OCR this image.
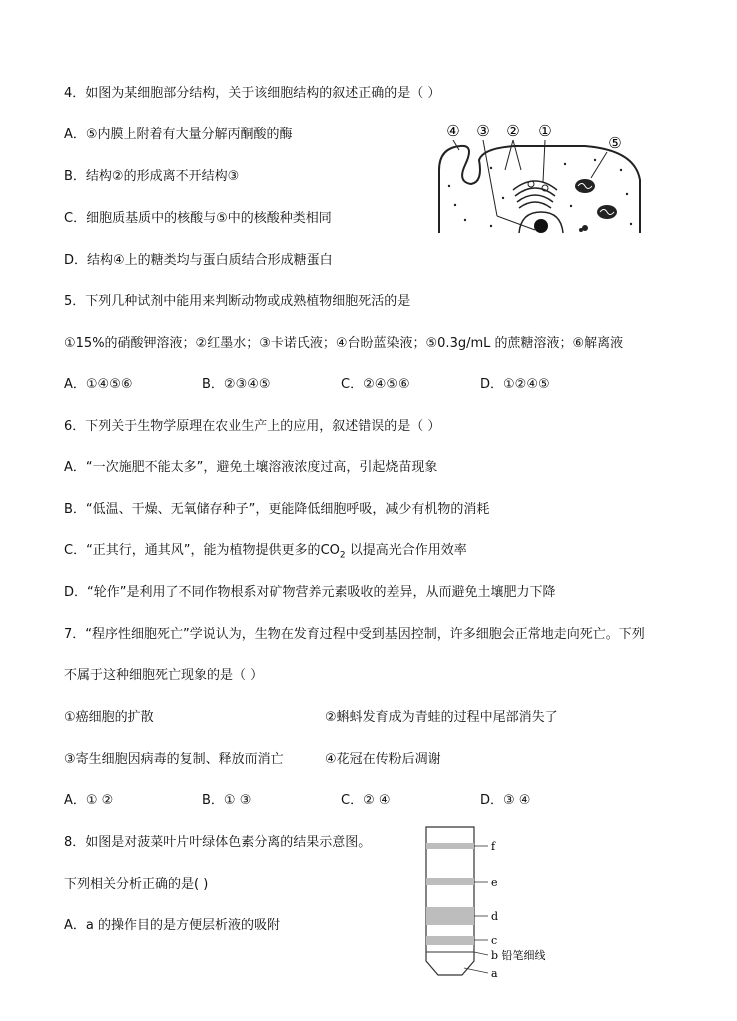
4．如图为某细胞部分结构，关于该细胞结构的叙述正确的是（ ）
A．⑤内膜上附着有大量分解丙酮酸的酶
B．结构②的形成离不开结构③
C．细胞质基质中的核酸与⑤中的核酸种类相同
D．结构④上的糖类均与蛋白质结合形成糖蛋白
④ ③ ② ①
⑤
5．下列几种试剂中能用来判断动物或成熟植物细胞死活的是
①15%的硝酸钾溶液；②红墨水；③卡诺氏液；④台盼蓝染液；⑤0.3g/mL 的蔗糖溶液；⑥解离液
A．①④⑤⑥	B．②③④⑤	C．②④⑤⑥	D．①②④⑤
6．下列关于生物学原理在农业生产上的应用，叙述错误的是（ ）
A．“一次施肥不能太多”，避免土壤溶液浓度过高，引起烧苗现象
B．“低温、干燥、无氧储存种子”，更能降低细胞呼吸，减少有机物的消耗
C．“正其行，通其风”，能为植物提供更多的$CO_2$ 以提高光合作用效率
D．“轮作”是利用了不同作物根系对矿物营养元素吸收的差异，从而避免土壤肥力下降
7．“程序性细胞死亡”学说认为，生物在发育过程中受到基因控制，许多细胞会正常地走向死亡。下列
不属于这种细胞死亡现象的是（ ）
①癌细胞的扩散	②蝌蚪发育成为青蛙的过程中尾部消失了
③寄生细胞因病毒的复制、释放而消亡	④花冠在传粉后凋谢
A．① ②	B．① ③	C．② ④	D．③ ④
8．如图是对菠菜叶片叶绿体色素分离的结果示意图。
下列相关分析正确的是( )
A．a 的操作目的是方便层析液的吸附
f
e
d
c
b 铅笔细线
a
